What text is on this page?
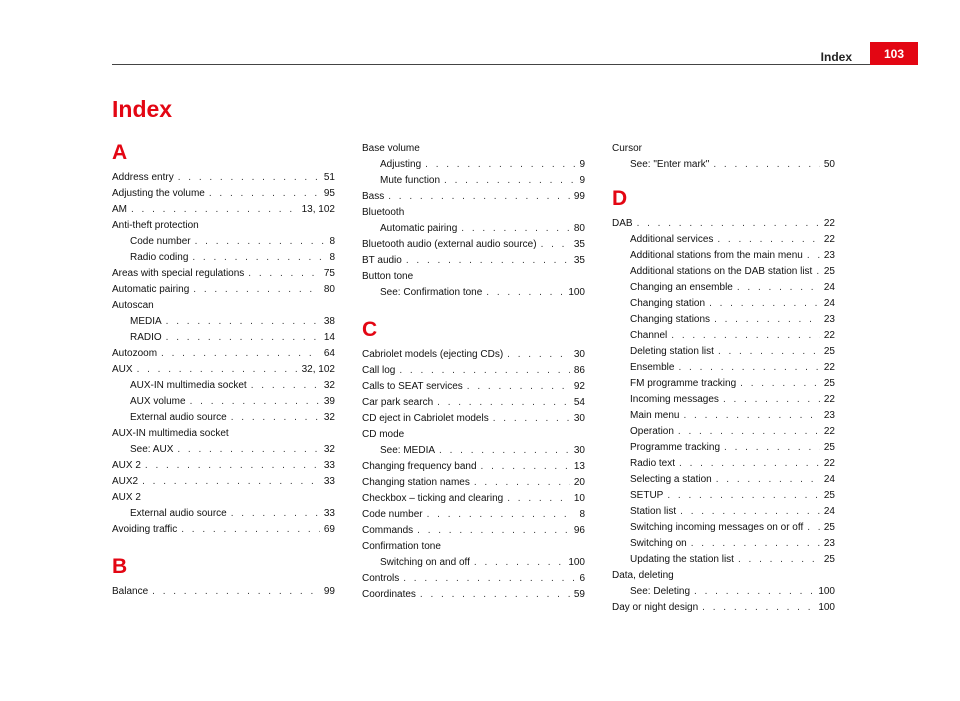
Index	103
Index
A
Address entry . . .	51
Adjusting the volume . . .	95
AM . . .	13, 102
Anti-theft protection
Code number . . .	8
Radio coding . . .	8
Areas with special regulations . . .	75
Automatic pairing . . .	80
Autoscan
MEDIA . . .	38
RADIO . . .	14
Autozoom . . .	64
AUX . . .	32, 102
AUX-IN multimedia socket . . .	32
AUX volume . . .	39
External audio source . . .	32
AUX-IN multimedia socket
See: AUX . . .	32
AUX 2 . . .	33
AUX2 . . .	33
AUX 2
External audio source . . .	33
Avoiding traffic . . .	69
B
Balance . . .	99
Base volume
Adjusting . . .	9
Mute function . . .	9
Bass . . .	99
Bluetooth
Automatic pairing . . .	80
Bluetooth audio (external audio source) . . .	35
BT audio . . .	35
Button tone
See: Confirmation tone . . .	100
C
Cabriolet models (ejecting CDs) . . .	30
Call log . . .	86
Calls to SEAT services . . .	92
Car park search . . .	54
CD eject in Cabriolet models . . .	30
CD mode
See: MEDIA . . .	30
Changing frequency band . . .	13
Changing station names . . .	20
Checkbox – ticking and clearing . . .	10
Code number . . .	8
Commands . . .	96
Confirmation tone
Switching on and off . . .	100
Controls . . .	6
Coordinates . . .	59
Cursor
See: "Enter mark" . . .	50
D
DAB . . .	22
Additional services . . .	22
Additional stations from the main menu . . . 23
Additional stations on the DAB station list . . . 25
Changing an ensemble . . .	24
Changing station . . .	24
Changing stations . . .	23
Channel . . .	22
Deleting station list . . .	25
Ensemble . . .	22
FM programme tracking . . .	25
Incoming messages . . .	22
Main menu . . .	23
Operation . . .	22
Programme tracking . . .	25
Radio text . . .	22
Selecting a station . . .	24
SETUP . . .	25
Station list . . .	24
Switching incoming messages on or off . . . 25
Switching on . . .	23
Updating the station list . . .	25
Data, deleting
See: Deleting . . .	100
Day or night design . . .	100
